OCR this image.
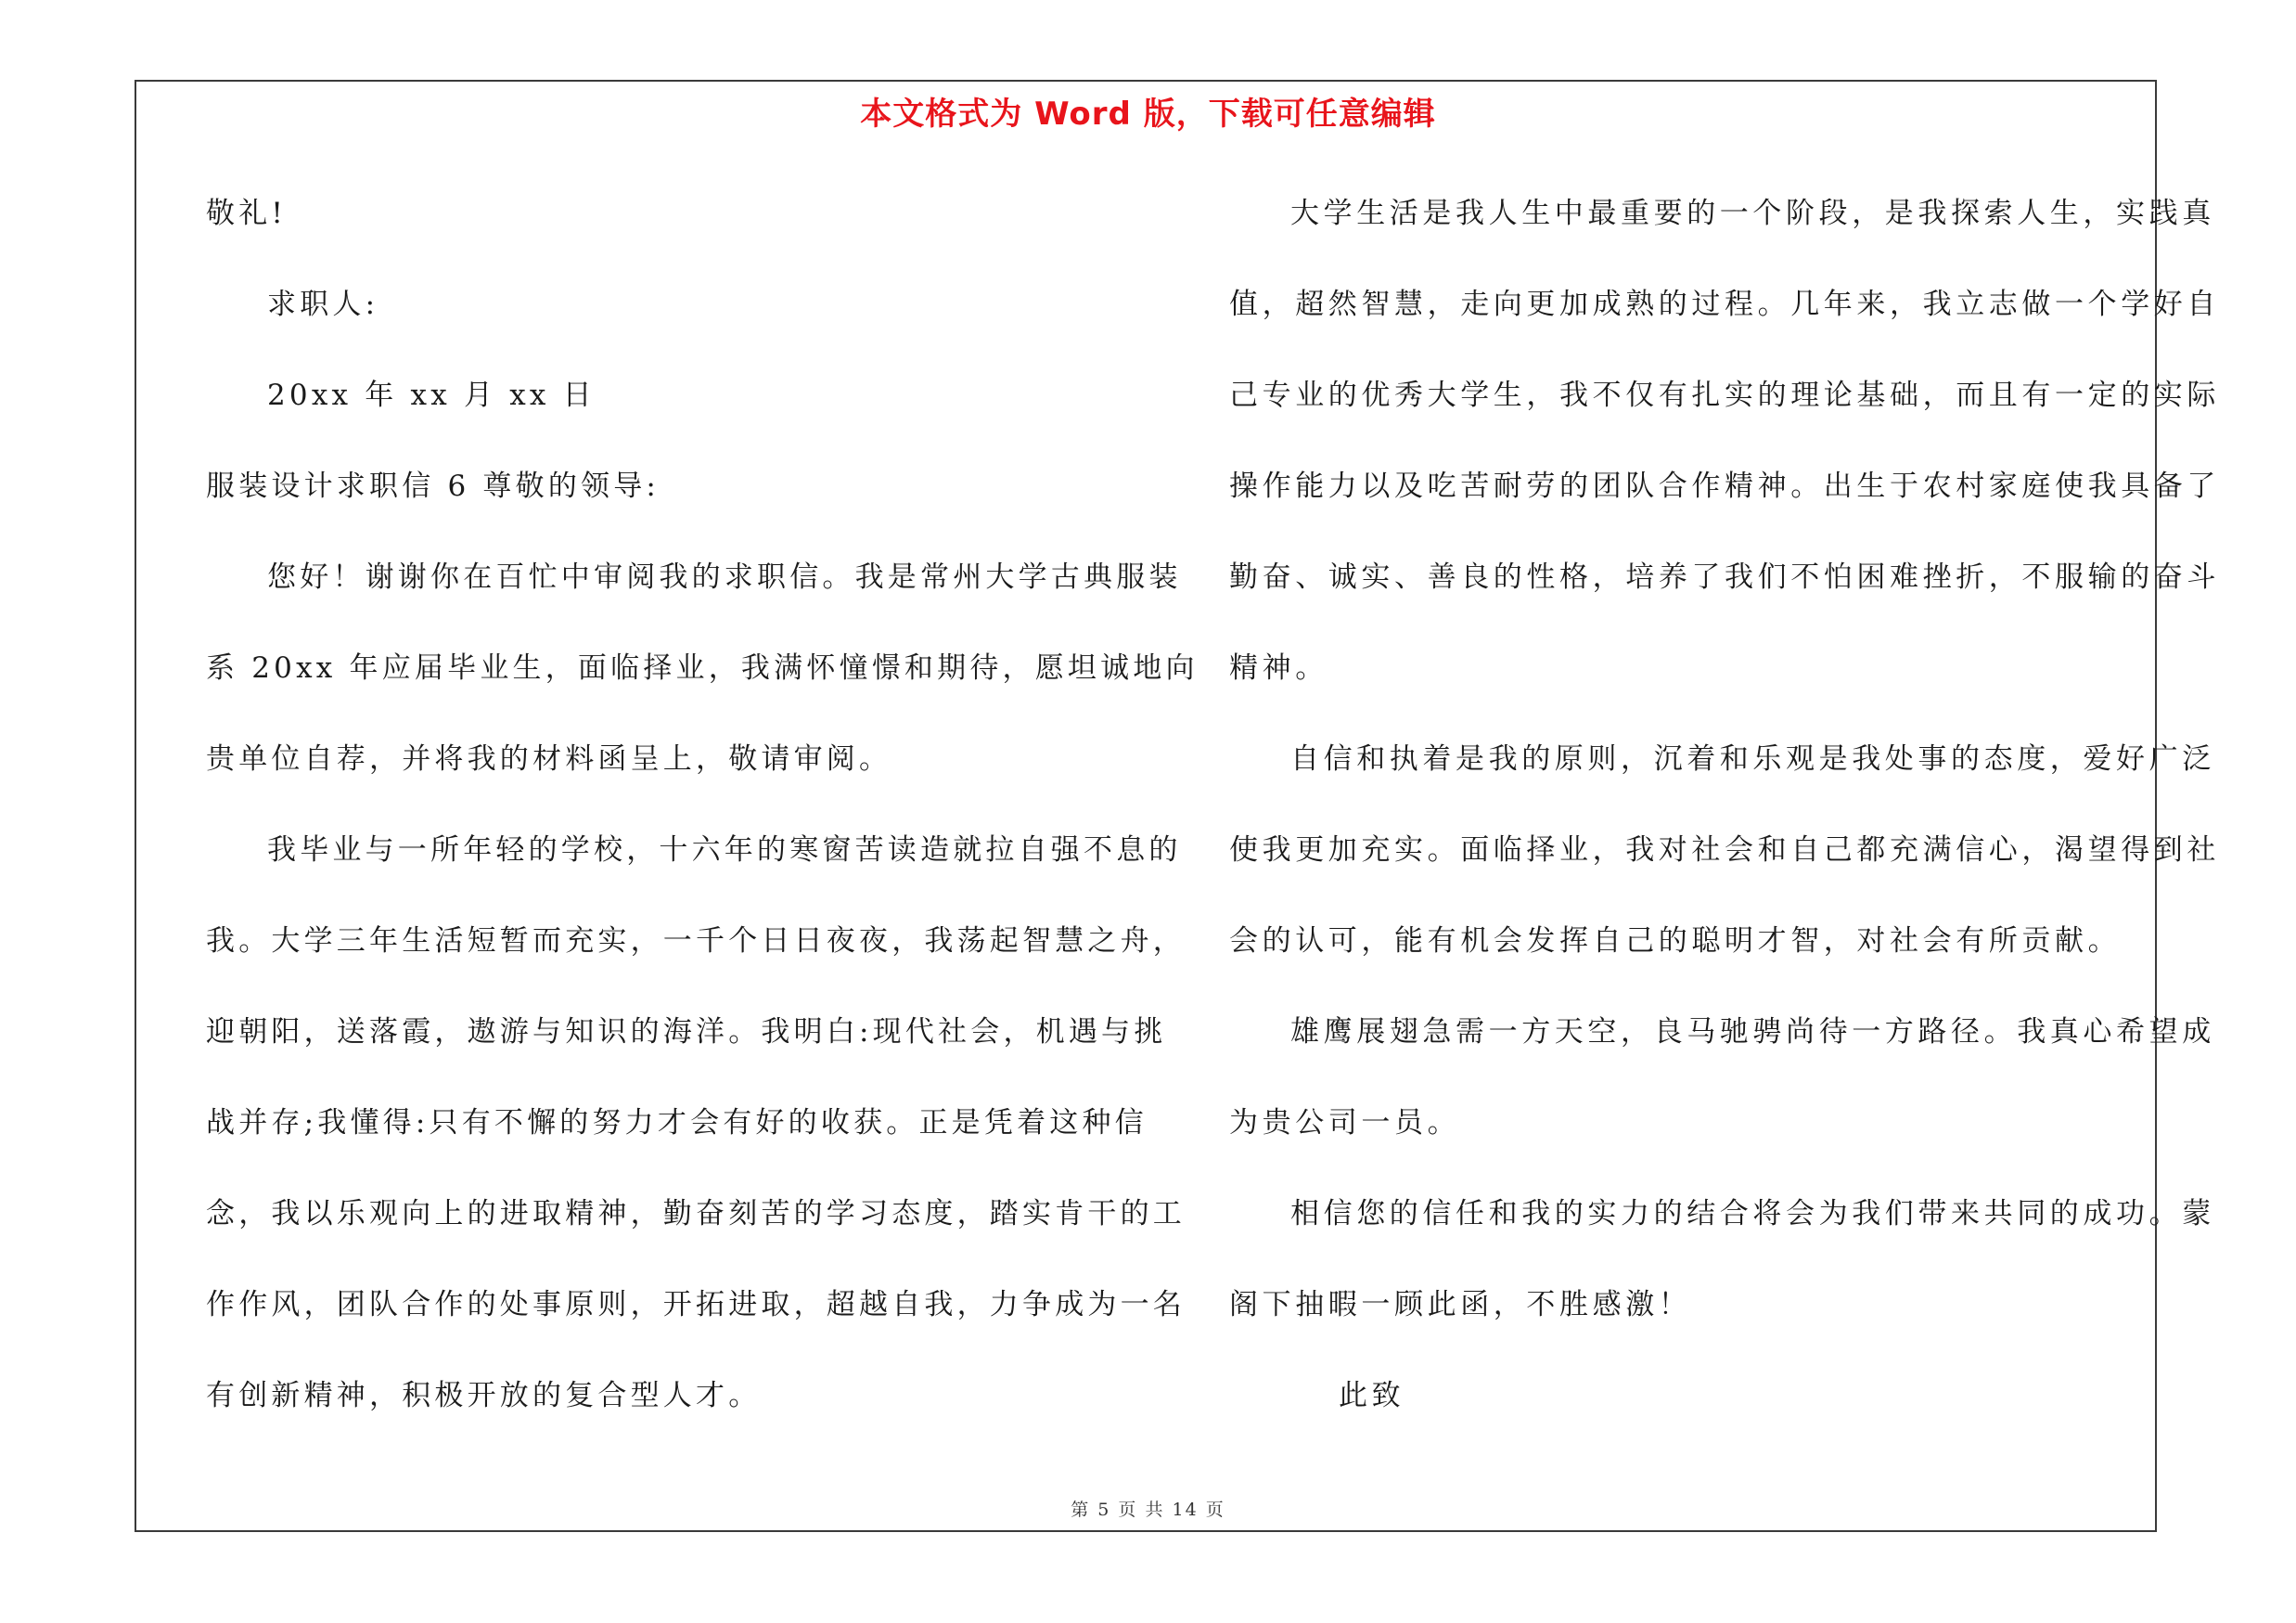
本文格式为 Word 版，下载可任意编辑
敬礼!
求职人:
20xx 年 xx 月 xx 日
服装设计求职信 6 尊敬的领导:
您好！谢谢你在百忙中审阅我的求职信。我是常州大学古典服装
系 20xx 年应届毕业生，面临择业，我满怀憧憬和期待，愿坦诚地向
贵单位自荐，并将我的材料函呈上，敬请审阅。
我毕业与一所年轻的学校，十六年的寒窗苦读造就拉自强不息的
我。大学三年生活短暂而充实，一千个日日夜夜，我荡起智慧之舟，
迎朝阳，送落霞，遨游与知识的海洋。我明白:现代社会，机遇与挑
战并存;我懂得:只有不懈的努力才会有好的收获。正是凭着这种信
念，我以乐观向上的进取精神，勤奋刻苦的学习态度，踏实肯干的工
作作风，团队合作的处事原则，开拓进取，超越自我，力争成为一名
有创新精神，积极开放的复合型人才。
大学生活是我人生中最重要的一个阶段，是我探索人生，实践真
值，超然智慧，走向更加成熟的过程。几年来，我立志做一个学好自
己专业的优秀大学生，我不仅有扎实的理论基础，而且有一定的实际
操作能力以及吃苦耐劳的团队合作精神。出生于农村家庭使我具备了
勤奋、诚实、善良的性格，培养了我们不怕困难挫折，不服输的奋斗
精神。
自信和执着是我的原则，沉着和乐观是我处事的态度，爱好广泛
使我更加充实。面临择业，我对社会和自己都充满信心，渴望得到社
会的认可，能有机会发挥自己的聪明才智，对社会有所贡献。
雄鹰展翅急需一方天空，良马驰骋尚待一方路径。我真心希望成
为贵公司一员。
相信您的信任和我的实力的结合将会为我们带来共同的成功。蒙
阁下抽暇一顾此函，不胜感激！
此致
第 5 页 共 14 页
